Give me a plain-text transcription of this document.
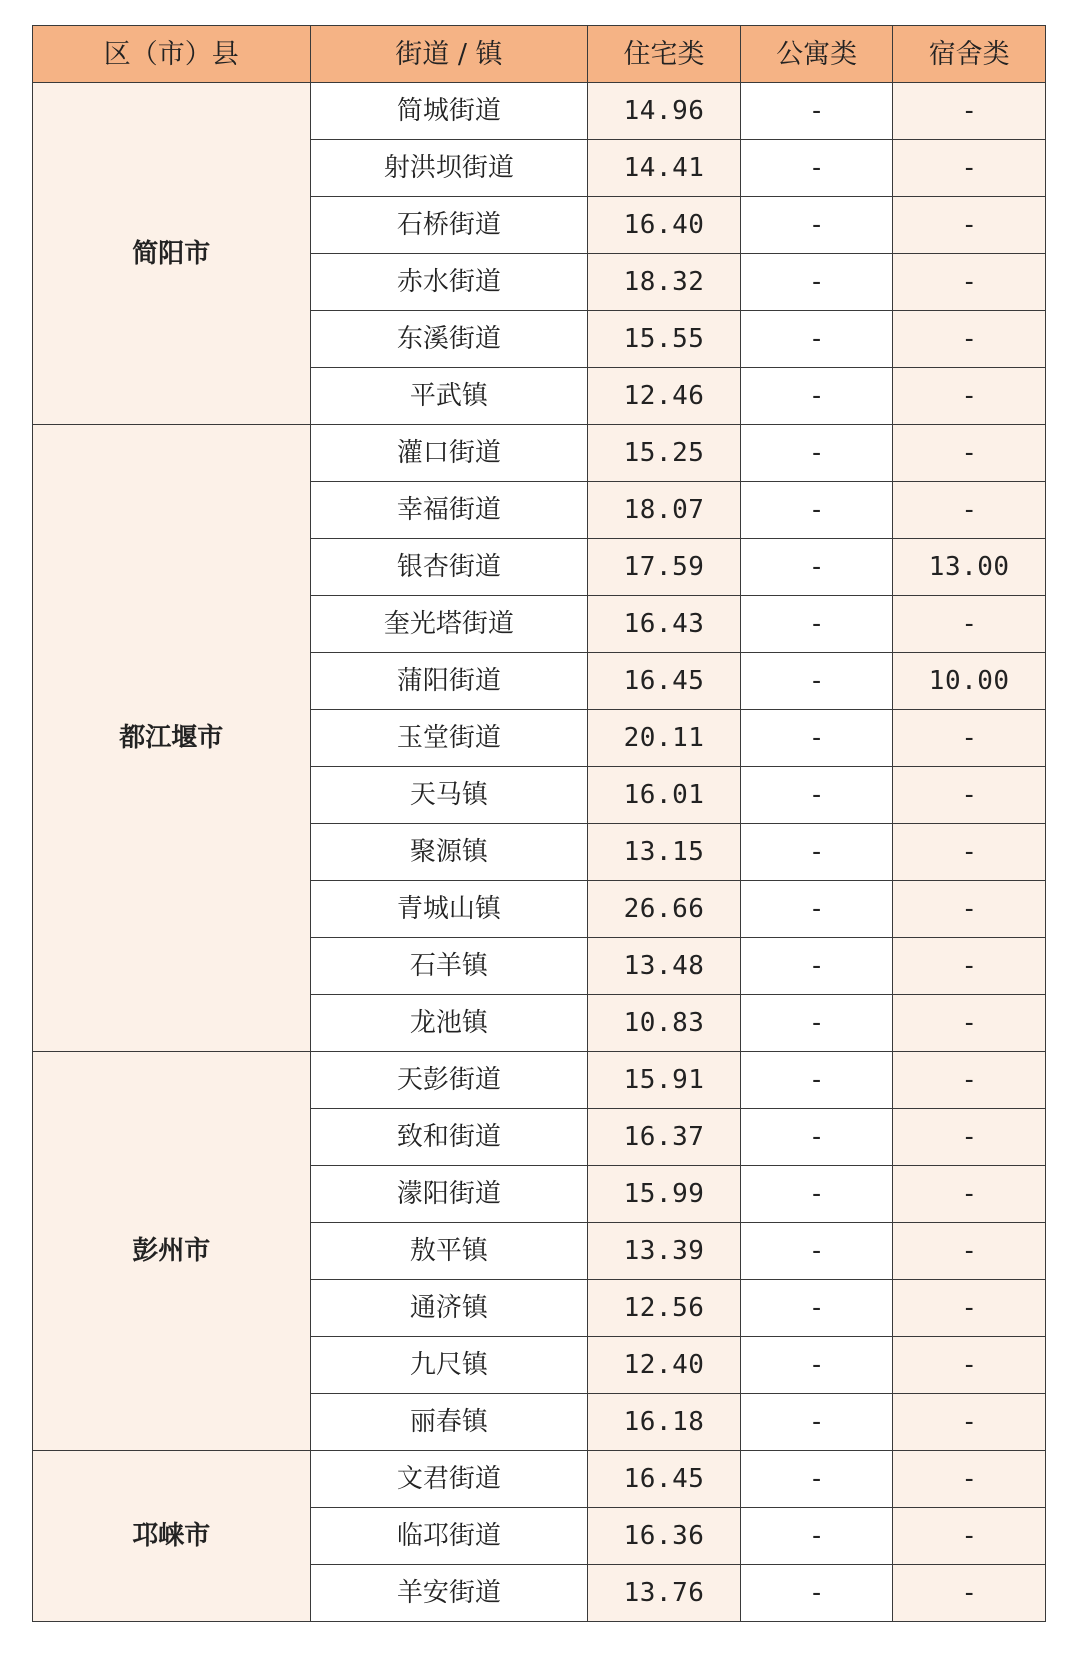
区（市）县	街道 / 镇	住宅类	公寓类	宿舍类
简阳市	简城街道	14.96	-	-
	射洪坝街道	14.41	-	-
	石桥街道	16.40	-	-
	赤水街道	18.32	-	-
	东溪街道	15.55	-	-
	平武镇	12.46	-	-
都江堰市	灌口街道	15.25	-	-
	幸福街道	18.07	-	-
	银杏街道	17.59	-	13.00
	奎光塔街道	16.43	-	-
	蒲阳街道	16.45	-	10.00
	玉堂街道	20.11	-	-
	天马镇	16.01	-	-
	聚源镇	13.15	-	-
	青城山镇	26.66	-	-
	石羊镇	13.48	-	-
	龙池镇	10.83	-	-
彭州市	天彭街道	15.91	-	-
	致和街道	16.37	-	-
	濛阳街道	15.99	-	-
	敖平镇	13.39	-	-
	通济镇	12.56	-	-
	九尺镇	12.40	-	-
	丽春镇	16.18	-	-
邛崃市	文君街道	16.45	-	-
	临邛街道	16.36	-	-
	羊安街道	13.76	-	-
